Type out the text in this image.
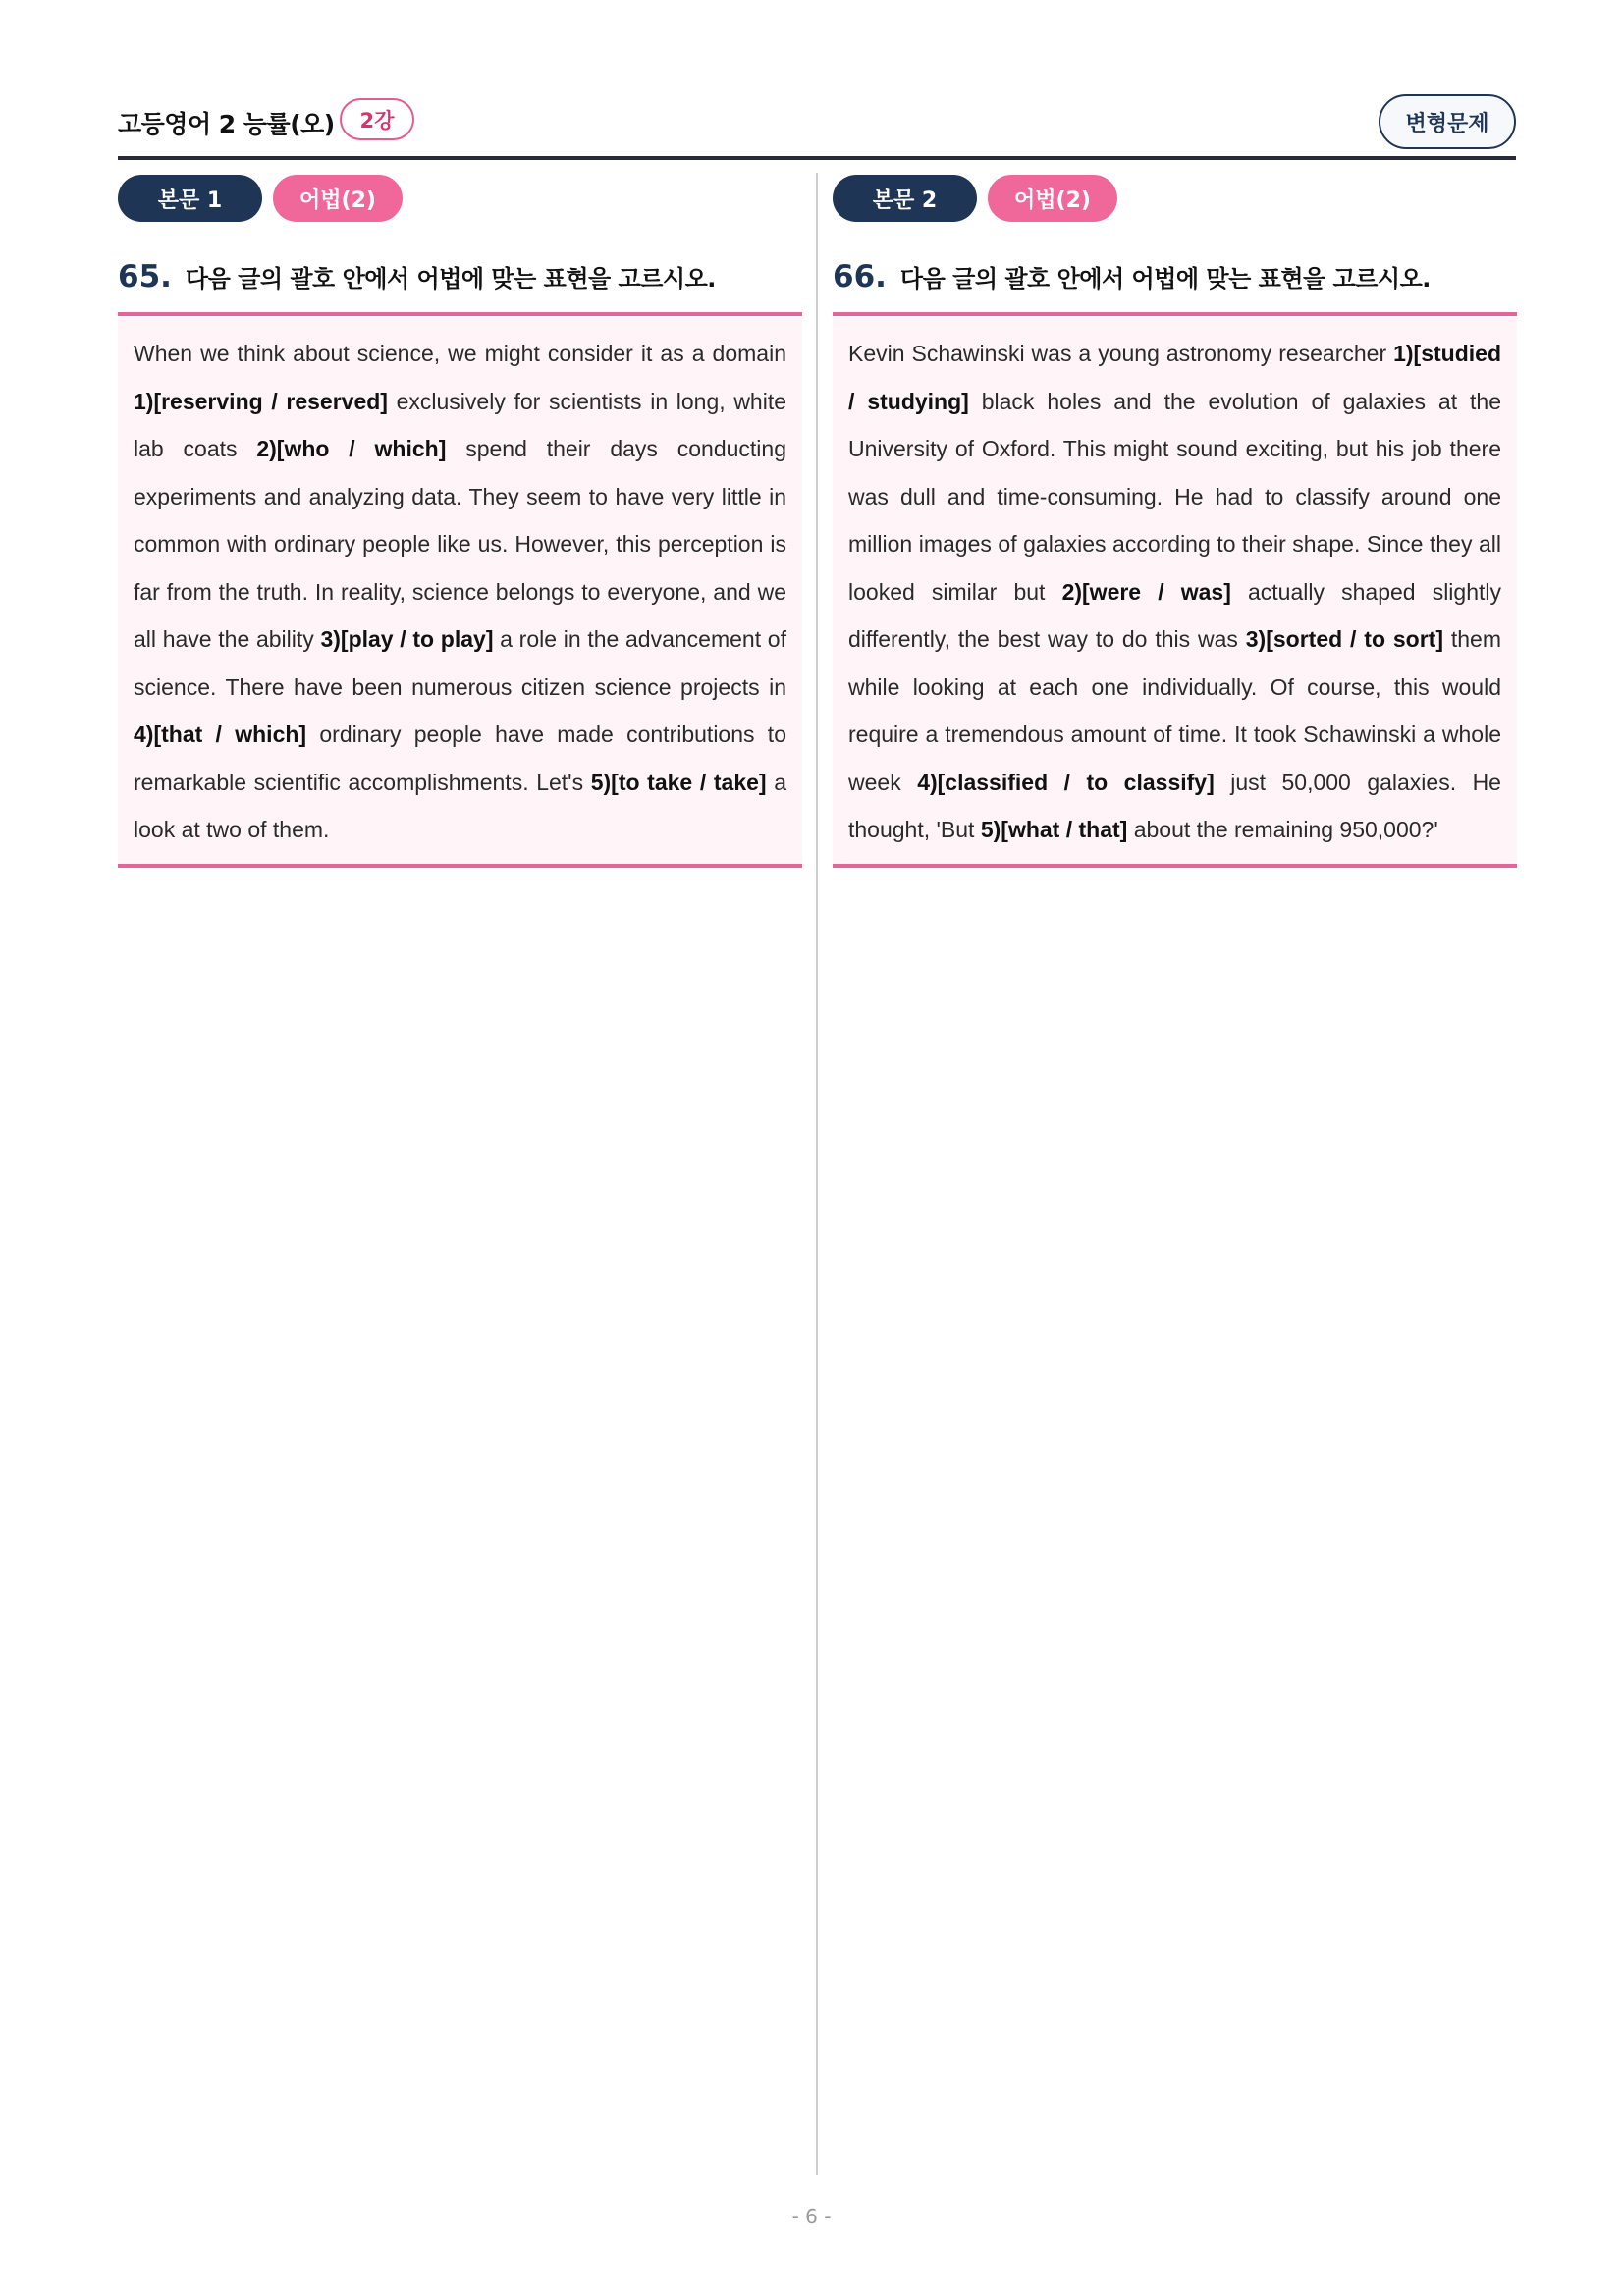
고등영어 2 능률(오)	2강	변형문제
본문 1	어법(2)
65. 다음 글의 괄호 안에서 어법에 맞는 표현을 고르시오.

When we think about science, we might consider it as a domain 1)[reserving / reserved] exclusively for scientists in long, white lab coats 2)[who / which] spend their days conducting experiments and analyzing data. They seem to have very little in common with ordinary people like us. However, this perception is far from the truth. In reality, science belongs to everyone, and we all have the ability 3)[play / to play] a role in the advancement of science. There have been numerous citizen science projects in 4)[that / which] ordinary people have made contributions to remarkable scientific accomplishments. Let's 5)[to take / take] a look at two of them.

본문 2	어법(2)
66. 다음 글의 괄호 안에서 어법에 맞는 표현을 고르시오.

Kevin Schawinski was a young astronomy researcher 1)[studied / studying] black holes and the evolution of galaxies at the University of Oxford. This might sound exciting, but his job there was dull and time-consuming. He had to classify around one million images of galaxies according to their shape. Since they all looked similar but 2)[were / was] actually shaped slightly differently, the best way to do this was 3)[sorted / to sort] them while looking at each one individually. Of course, this would require a tremendous amount of time. It took Schawinski a whole week 4)[classified / to classify] just 50,000 galaxies. He thought, 'But 5)[what / that] about the remaining 950,000?'

- 6 -
